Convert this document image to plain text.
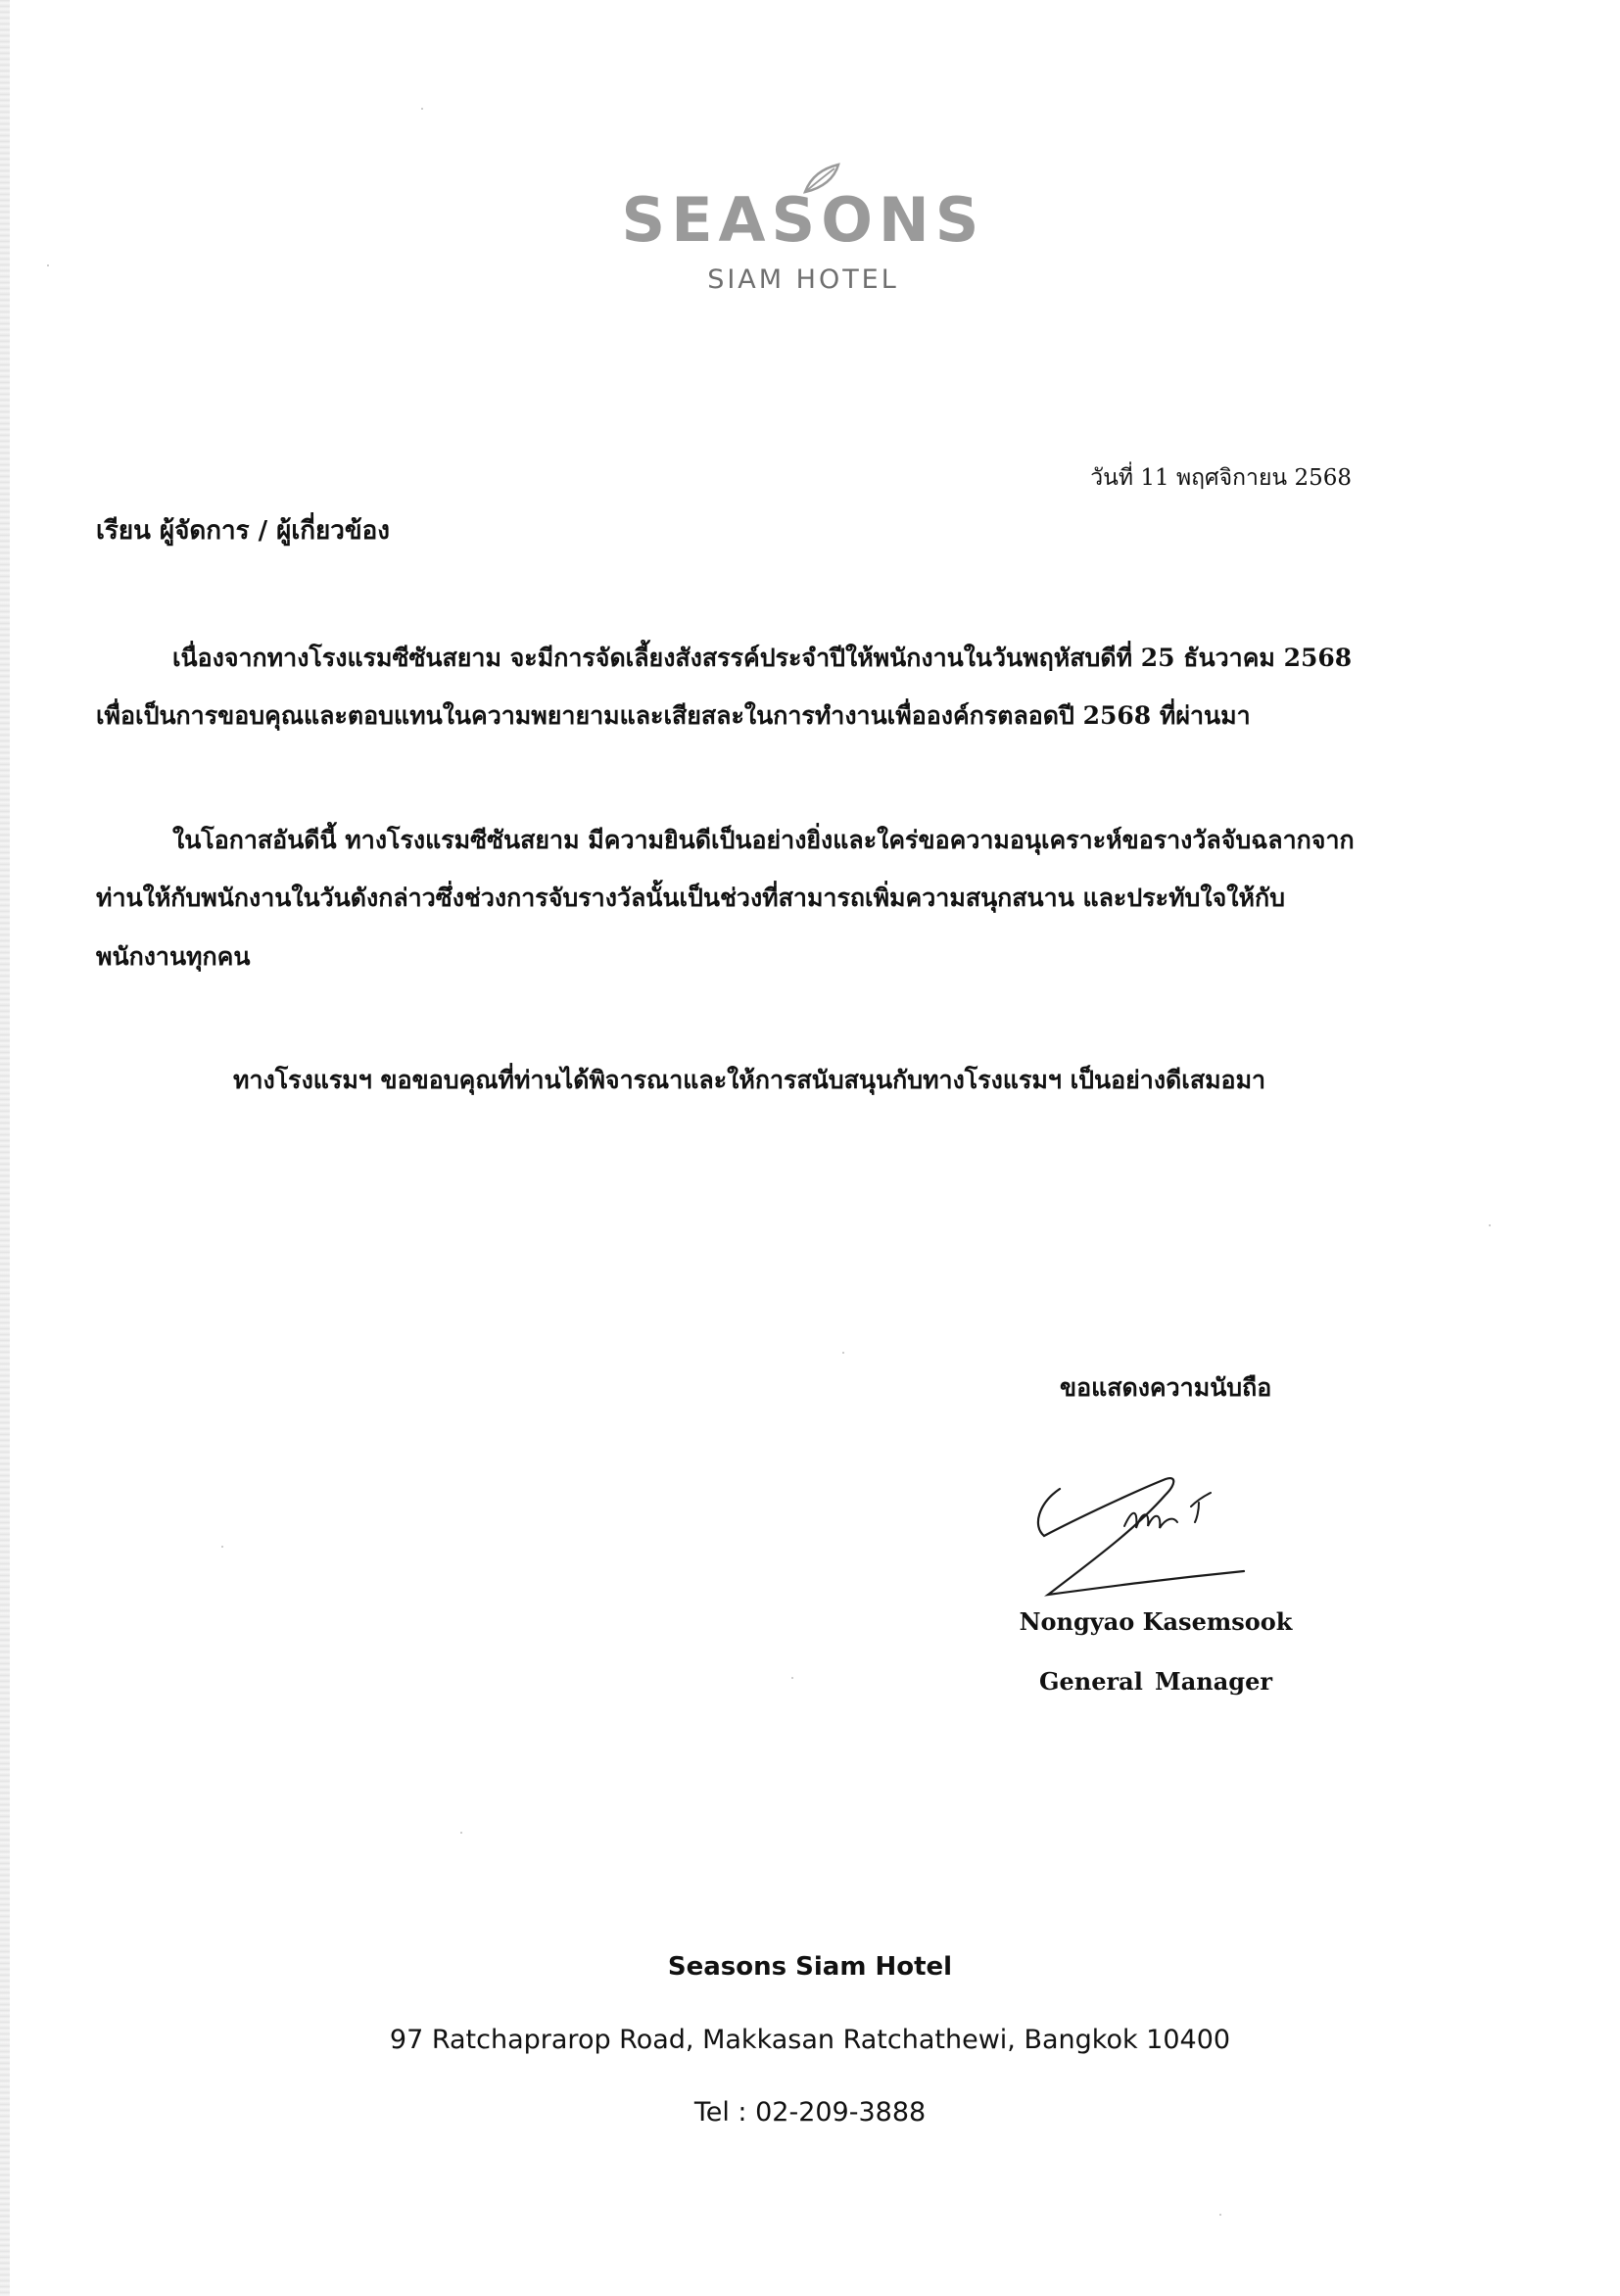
SEASONS
SIAM HOTEL
วันที่ 11 พฤศจิกายน 2568
เรียน ผู้จัดการ / ผู้เกี่ยวข้อง
เนื่องจากทางโรงแรมซีซันสยาม จะมีการจัดเลี้ยงสังสรรค์ประจำปีให้พนักงานในวันพฤหัสบดีที่ 25 ธันวาคม 2568
เพื่อเป็นการขอบคุณและตอบแทนในความพยายามและเสียสละในการทำงานเพื่อองค์กรตลอดปี 2568 ที่ผ่านมา
ในโอกาสอันดีนี้ ทางโรงแรมซีซันสยาม มีความยินดีเป็นอย่างยิ่งและใคร่ขอความอนุเคราะห์ขอรางวัลจับฉลากจาก
ท่านให้กับพนักงานในวันดังกล่าวซึ่งช่วงการจับรางวัลนั้นเป็นช่วงที่สามารถเพิ่มความสนุกสนาน และประทับใจให้กับ
พนักงานทุกคน
ทางโรงแรมฯ ขอขอบคุณที่ท่านได้พิจารณาและให้การสนับสนุนกับทางโรงแรมฯ เป็นอย่างดีเสมอมา
ขอแสดงความนับถือ
Nongyao Kasemsook
General Manager
Seasons Siam Hotel
97 Ratchaprarop Road, Makkasan Ratchathewi, Bangkok 10400
Tel : 02-209-3888
